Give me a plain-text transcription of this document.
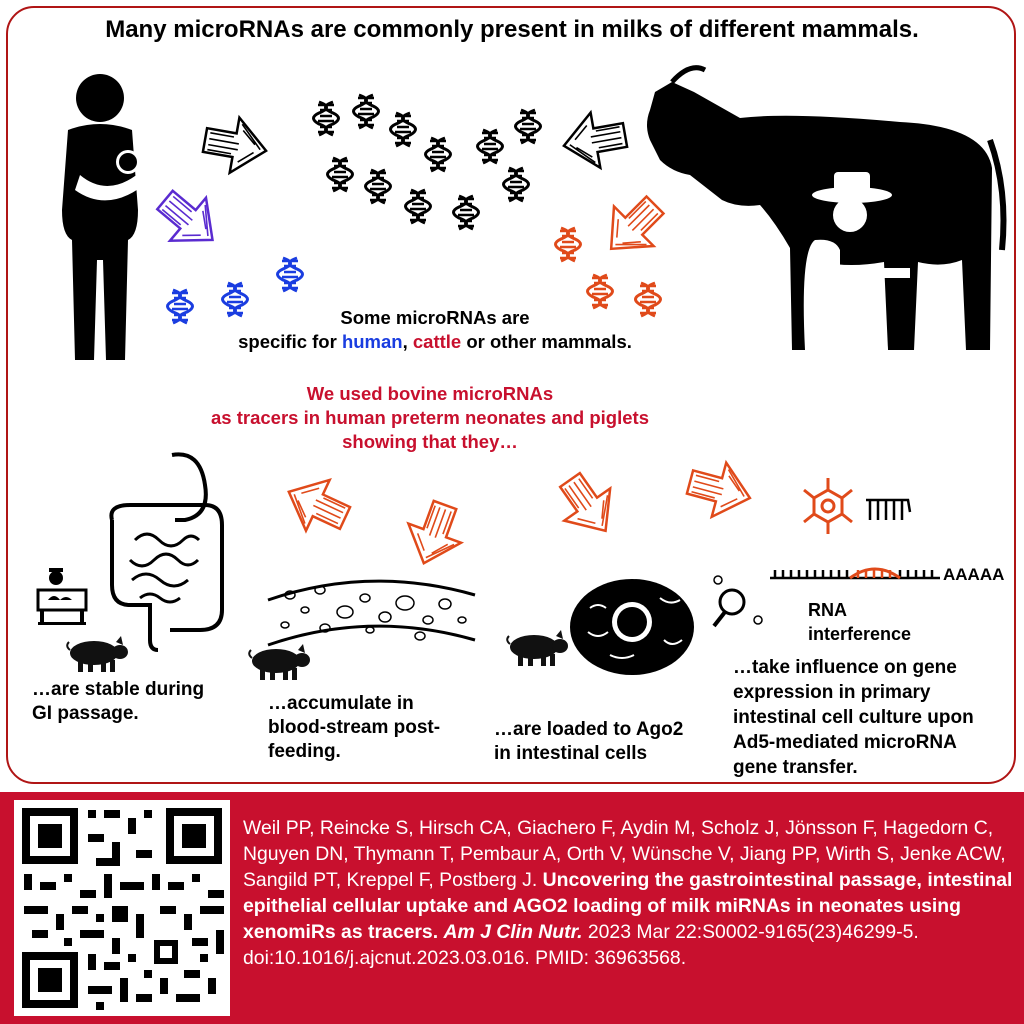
Many microRNAs are commonly present in milks of different mammals.
Some microRNAs are
specific for human, cattle or other mammals.
We used bovine microRNAs
as tracers in human preterm neonates and piglets
showing that they…
…are stable during
GI passage.	…accumulate in
blood-stream post-
feeding.
…are loaded to Ago2
in intestinal cells
…take influence on gene
expression in primary
intestinal cell culture upon
Ad5-mediated microRNA
gene transfer.
AAAAA
RNA
interference
Weil PP, Reincke S, Hirsch CA, Giachero F, Aydin M, Scholz J, Jönsson F, Hagedorn C, Nguyen DN, Thymann T, Pembaur A, Orth V, Wünsche V, Jiang PP, Wirth S, Jenke ACW, Sangild PT, Kreppel F, Postberg J. Uncovering the gastrointestinal passage, intestinal epithelial cellular uptake and AGO2 loading of milk miRNAs in neonates using xenomiRs as tracers. Am J Clin Nutr. 2023 Mar 22:S0002-9165(23)46299-5. doi:10.1016/j.ajcnut.2023.03.016. PMID: 36963568.
